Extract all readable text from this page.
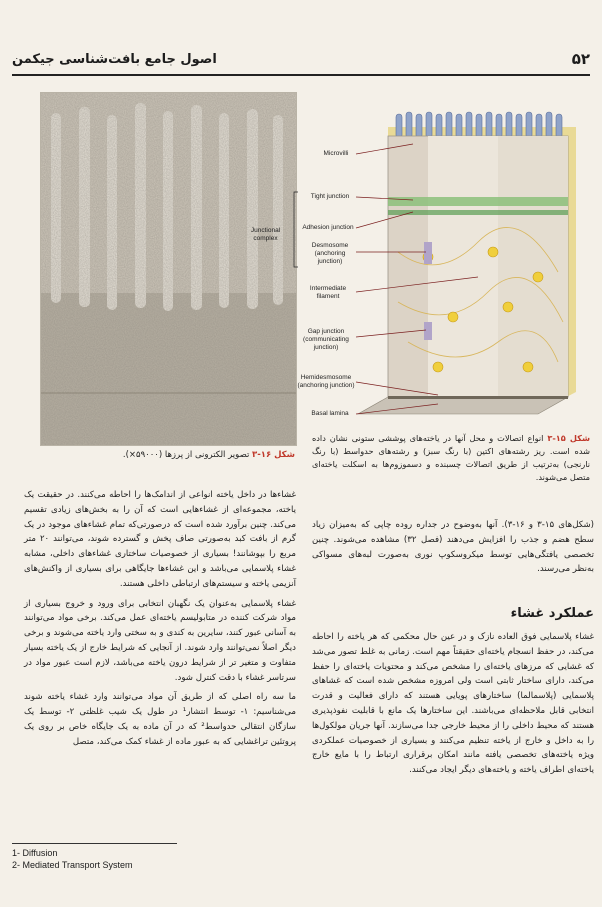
۵۲
اصول جامع بافت‌شناسی جیکمن
شکل ۱۶-۳ تصویر الکترونی از پرزها (۵۹۰۰۰×).
Microvilli
Tight junction
Adhesion junction
Junctional complex
Desmosome (anchoring junction)
Intermediate filament
Gap junction (communicating junction)
Hemidesmosome (anchoring junction)
Basal lamina
شکل ۱۵-۳ انواع اتصالات و محل آنها در یاخته‌های پوششی ستونی نشان داده شده است. ریز رشته‌های اکتین (با رنگ سبز) و رشته‌های حدواسط (با رنگ نارنجی) به‌ترتیب از طریق اتصالات چسبنده و دسموزوم‌ها به اسکلت یاخته‌ای متصل می‌شوند.

غشاءها در داخل یاخته انواعی از اندامک‌ها را احاطه می‌کنند. در حقیقت یک یاخته، مجموعه‌ای از غشاءهایی است که آن را به بخش‌های زیادی تقسیم می‌کند. چنین برآورد شده است که درصورتی‌که تمام غشاءهای موجود در یک گرم از بافت کبد به‌صورتی صاف پخش و گسترده شوند، می‌توانند ۲۰ متر مربع را بپوشانند! بسیاری از خصوصیات ساختاری غشاءهای داخلی، مشابه غشاء پلاسمایی می‌باشد و این غشاءها جایگاهی برای بسیاری از واکنش‌های آنزیمی یاخته و سیستم‌های ارتباطی داخلی هستند.

غشاء پلاسمایی به‌عنوان یک نگهبان انتخابی برای ورود و خروج بسیاری از مواد شرکت کننده در متابولیسم یاخته‌ای عمل می‌کند. برخی مواد می‌توانند به آسانی عبور کنند، سایرین به کندی و به سختی وارد یاخته می‌شوند و برخی دیگر اصلاً نمی‌توانند وارد شوند. از آنجایی که شرایط خارج از یک یاخته بسیار متفاوت و متغیر تر از شرایط درون یاخته می‌باشد، لازم است عبور مواد در سرتاسر غشاء با دقت کنترل شود.

ما سه راه اصلی که از طریق آن مواد می‌توانند وارد غشاء یاخته شوند می‌شناسیم: ۱- توسط انتشار¹ در طول یک شیب غلظتی ۲- توسط یک سازگان انتقالی حدواسط² که در آن ماده به یک جایگاه خاص بر روی یک پروتئین تراغشایی که به عبور ماده از غشاء کمک می‌کند، متصل

(شکل‌های ۱۵-۳ و ۱۶-۳). آنها به‌وضوح در جداره روده چاپی که به‌میزان زیاد سطح هضم و جذب را افزایش می‌دهند (فصل ۳۲) مشاهده می‌شوند. چنین تخصصی یافتگی‌هایی توسط میکروسکوپ نوری به‌صورت لبه‌های مسواکی به‌نظر می‌رسند.
عملکرد غشاء
غشاء پلاسمایی فوق العاده نازک و در عین حال محکمی که هر یاخته را احاطه می‌کند، در حفظ انسجام یاخته‌ای حقیقتاً مهم است. زمانی به غلط تصور می‌شد که غشایی که مرزهای یاخته‌ای را مشخص می‌کند و محتویات یاخته‌ای را حفظ می‌کند، دارای ساختار ثابتی است ولی امروزه مشخص شده است که غشاهای پلاسمایی (پلاسمالما) ساختارهای پویایی هستند که دارای فعالیت و قدرت انتخابی قابل ملاحظه‌ای می‌باشند. این ساختارها یک مانع با قابلیت نفوذپذیری هستند که محیط داخلی را از محیط خارجی جدا می‌سازند. آنها جریان مولکول‌ها را به داخل و خارج از یاخته تنظیم می‌کنند و بسیاری از خصوصیات عملکردی ویژه یاخته‌های تخصصی یافته مانند امکان برقراری ارتباط را با مایع خارج یاخته‌ای اطراف یاخته و یاخته‌های دیگر ایجاد می‌کنند.
1- Diffusion
2- Mediated Transport System
